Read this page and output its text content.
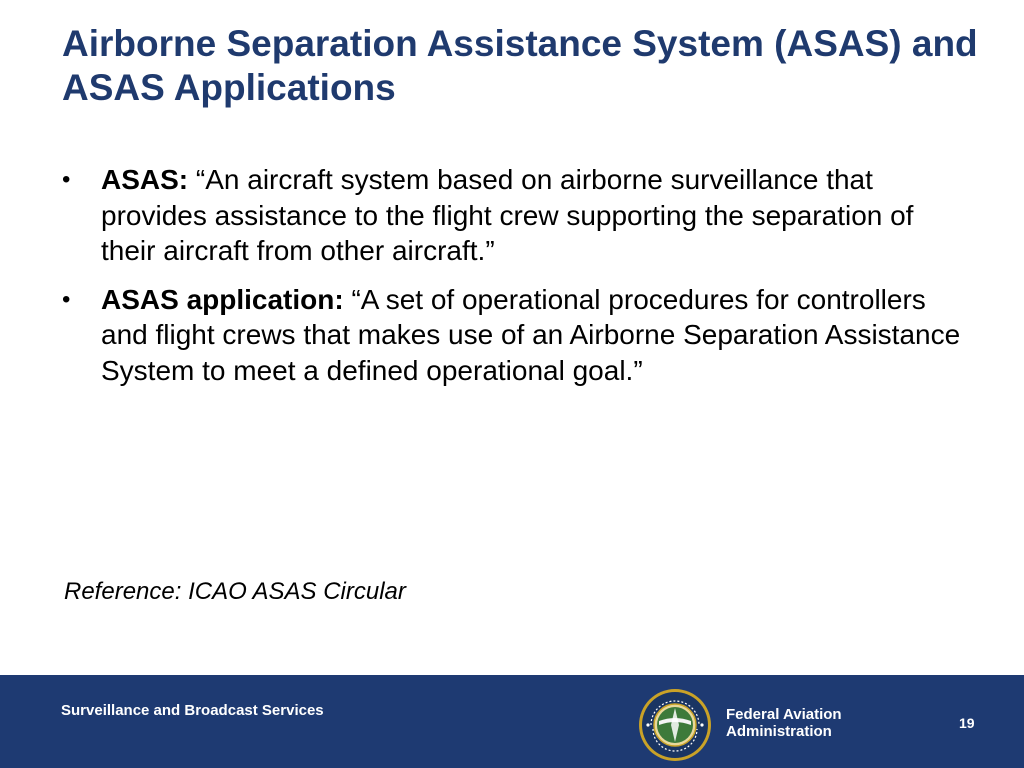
Airborne Separation Assistance System (ASAS) and ASAS Applications
• ASAS: “An aircraft system based on airborne surveillance that provides assistance to the flight crew supporting the separation of their aircraft from other aircraft.”
• ASAS application: “A set of operational procedures for controllers and flight crews that makes use of an Airborne Separation Assistance System to meet a defined operational goal.”

Reference: ICAO ASAS Circular

Surveillance and Broadcast Services	Federal Aviation
Administration	19
